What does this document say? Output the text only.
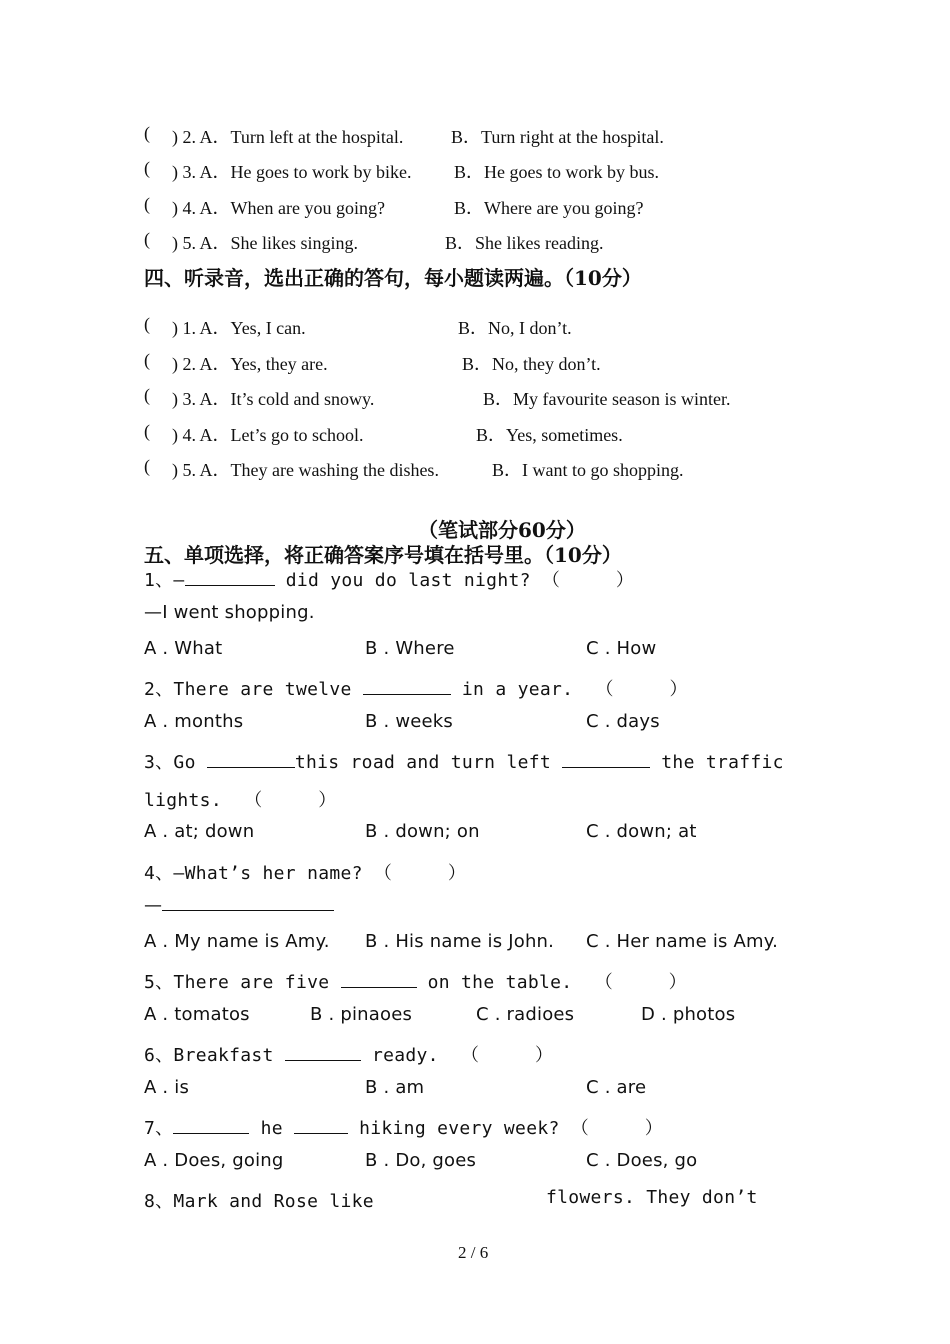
( ) 2. A．Turn left at the hospital.	B．Turn right at the hospital.
( ) 3. A．He goes to work by bike. B．He goes to work by bus.
( ) 4. A．When are you going?	B．Where are you going?
( ) 5. A．She likes singing.	B．She likes reading.
四、听录音，选出正确的答句，每小题读两遍。（10分）
( ) 1. A．Yes, I can.	B．No, I don’t.
( ) 2. A．Yes, they are.	B．No, they don’t.
( ) 3. A．It’s cold and snowy.	B．My favourite season is winter.
( ) 4. A．Let’s go to school.	B．Yes, sometimes.
( ) 5. A．They are washing the dishes.	B．I want to go shopping.
（笔试部分60分）
五、单项选择，将正确答案序号填在括号里。（10分）
1、—	did you do last night? （     ）
—I went shopping.
A . What	B . Where	C . How
2、There are twelve	in a year.  （     ）
A . months	B . weeks	C . days
3、Go	this road and turn left	the traffic
lights.  （     ）
A . at; down	B . down; on	C . down; at
4、—What’s her name? （     ）
—
A . My name is Amy. B . His name is John. C . Her name is Amy.
5、There are five	on the table.  （     ）
A . tomatos	B . pinaoes	C . radioes	D . photos
6、Breakfast	ready.  （     ）
A . is	B . am	C . are
7、	he	hiking every week? （     ）
A . Does, going	B . Do, goes	C . Does, go
8、Mark and Rose like	flowers. They don’t
2 / 6
